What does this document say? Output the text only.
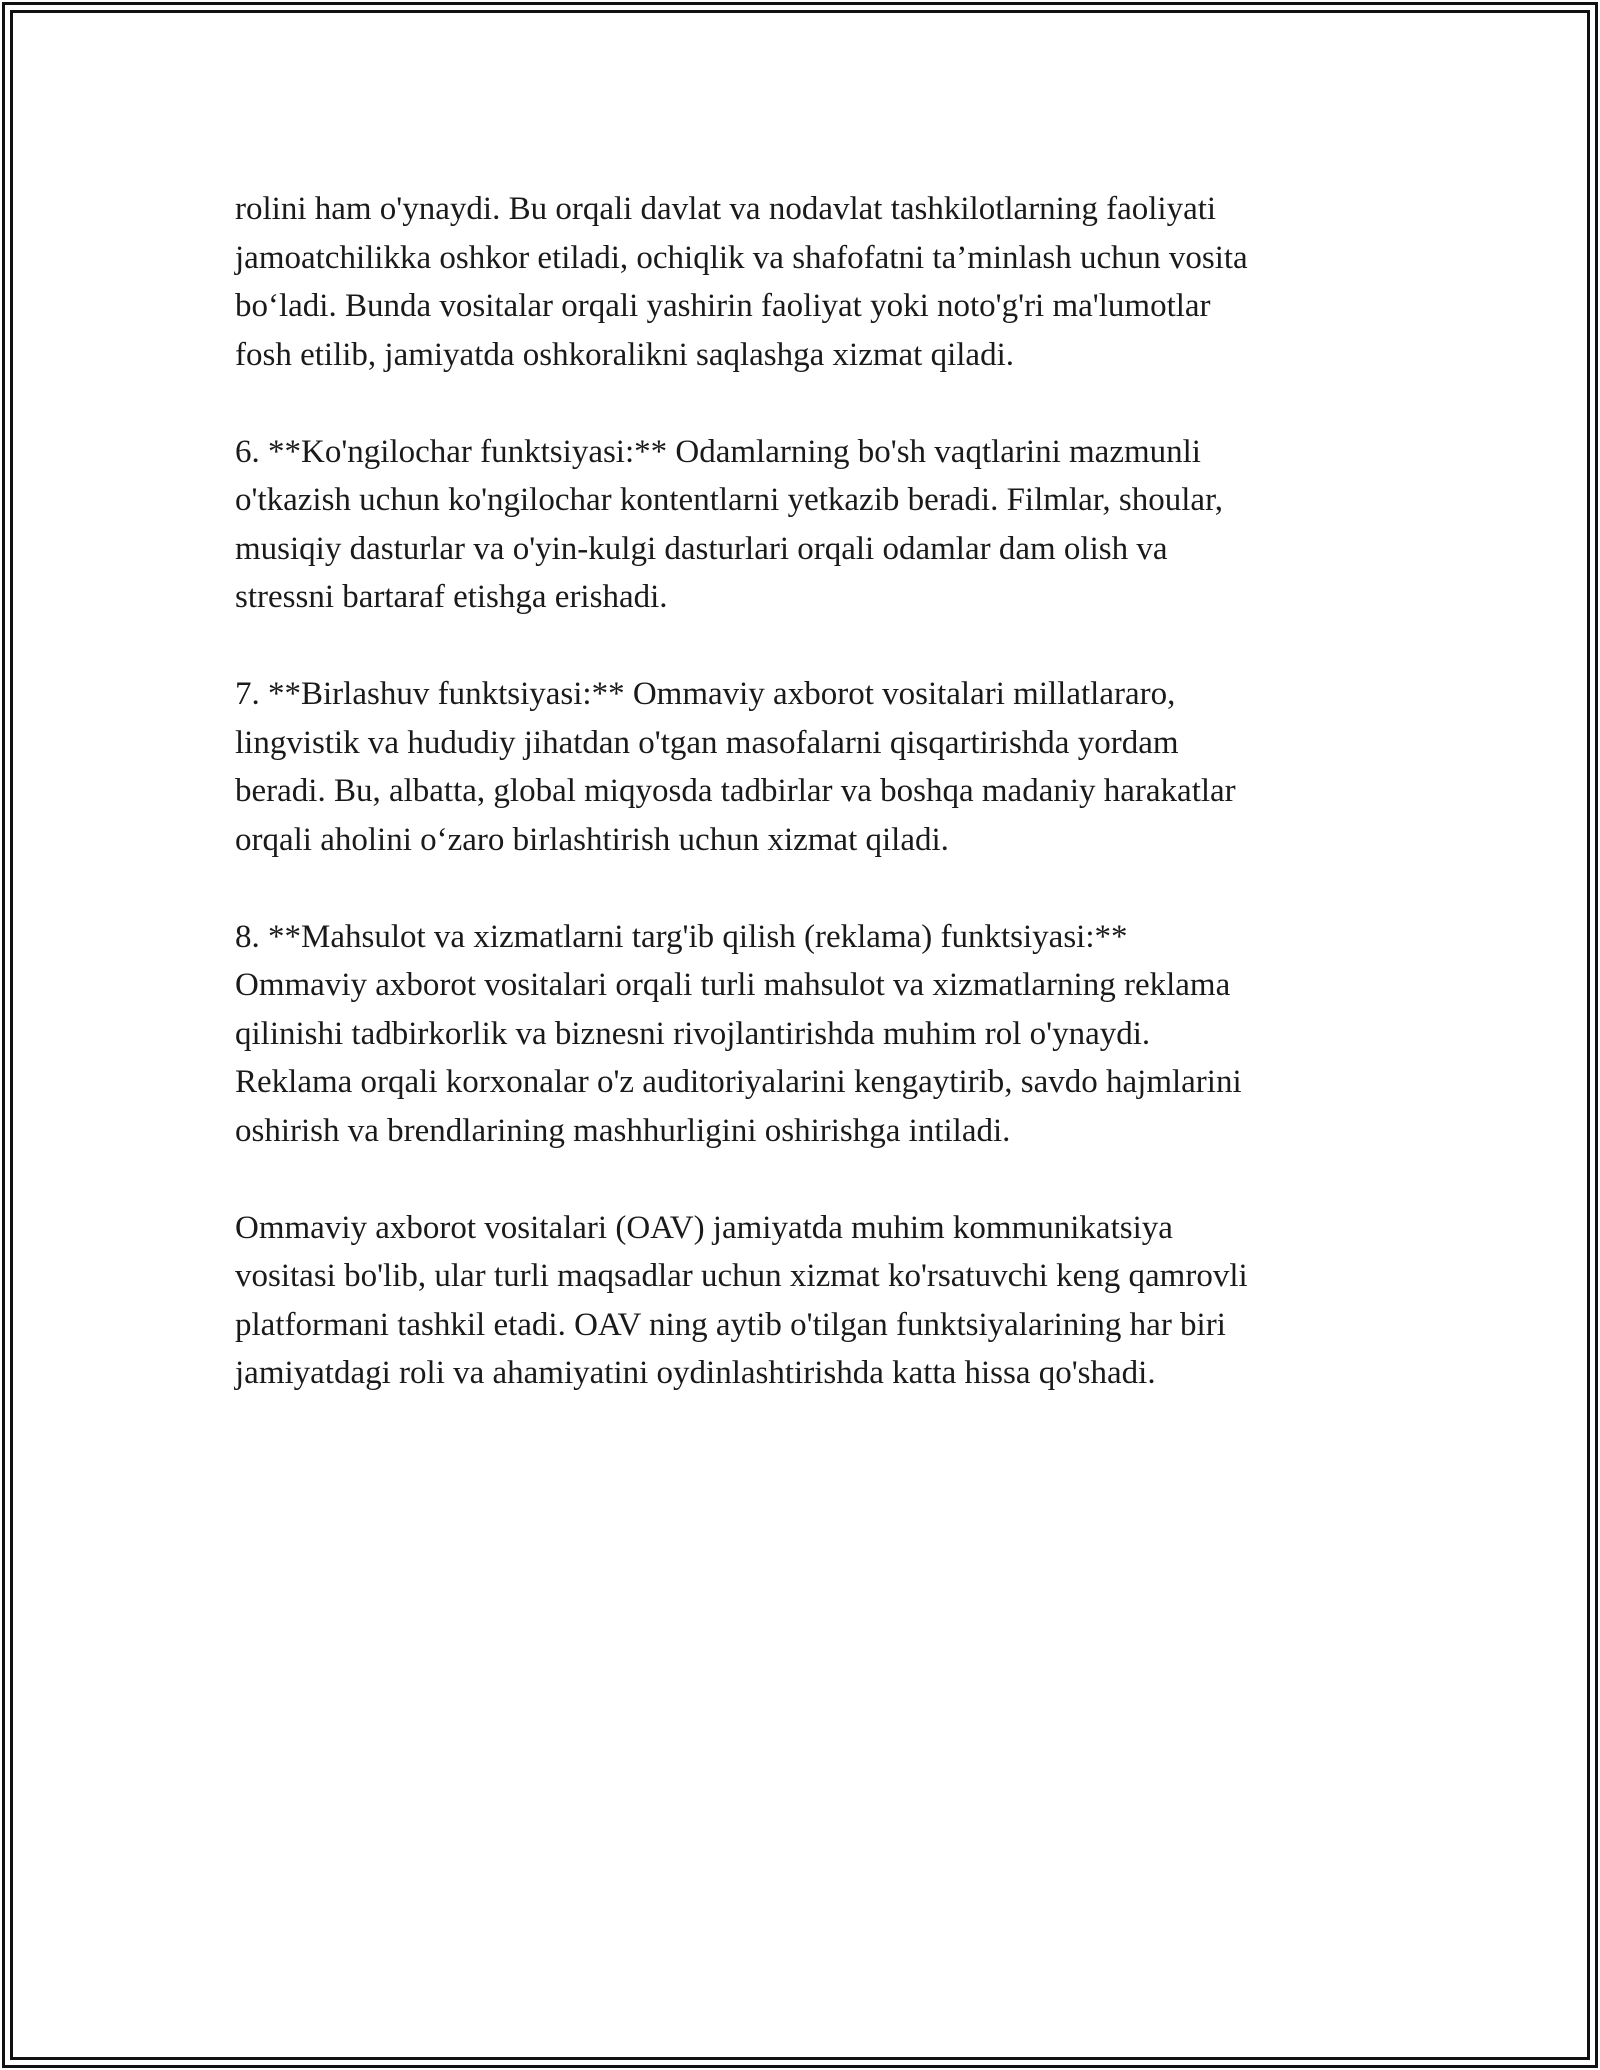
rolini ham o'ynaydi. Bu orqali davlat va nodavlat tashkilotlarning faoliyati
jamoatchilikka oshkor etiladi, ochiqlik va shafofatni ta’minlash uchun vosita
bo‘ladi. Bunda vositalar orqali yashirin faoliyat yoki noto'g'ri ma'lumotlar
fosh etilib, jamiyatda oshkoralikni saqlashga xizmat qiladi.

6. **Ko'ngilochar funktsiyasi:** Odamlarning bo'sh vaqtlarini mazmunli
o'tkazish uchun ko'ngilochar kontentlarni yetkazib beradi. Filmlar, shoular,
musiqiy dasturlar va o'yin-kulgi dasturlari orqali odamlar dam olish va
stressni bartaraf etishga erishadi.

7. **Birlashuv funktsiyasi:** Ommaviy axborot vositalari millatlararo,
lingvistik va hududiy jihatdan o'tgan masofalarni qisqartirishda yordam
beradi. Bu, albatta, global miqyosda tadbirlar va boshqa madaniy harakatlar
orqali aholini o‘zaro birlashtirish uchun xizmat qiladi.

8. **Mahsulot va xizmatlarni targ'ib qilish (reklama) funktsiyasi:**
Ommaviy axborot vositalari orqali turli mahsulot va xizmatlarning reklama
qilinishi tadbirkorlik va biznesni rivojlantirishda muhim rol o'ynaydi.
Reklama orqali korxonalar o'z auditoriyalarini kengaytirib, savdo hajmlarini
oshirish va brendlarining mashhurligini oshirishga intiladi.

Ommaviy axborot vositalari (OAV) jamiyatda muhim kommunikatsiya
vositasi bo'lib, ular turli maqsadlar uchun xizmat ko'rsatuvchi keng qamrovli
platformani tashkil etadi. OAV ning aytib o'tilgan funktsiyalarining har biri
jamiyatdagi roli va ahamiyatini oydinlashtirishda katta hissa qo'shadi.
